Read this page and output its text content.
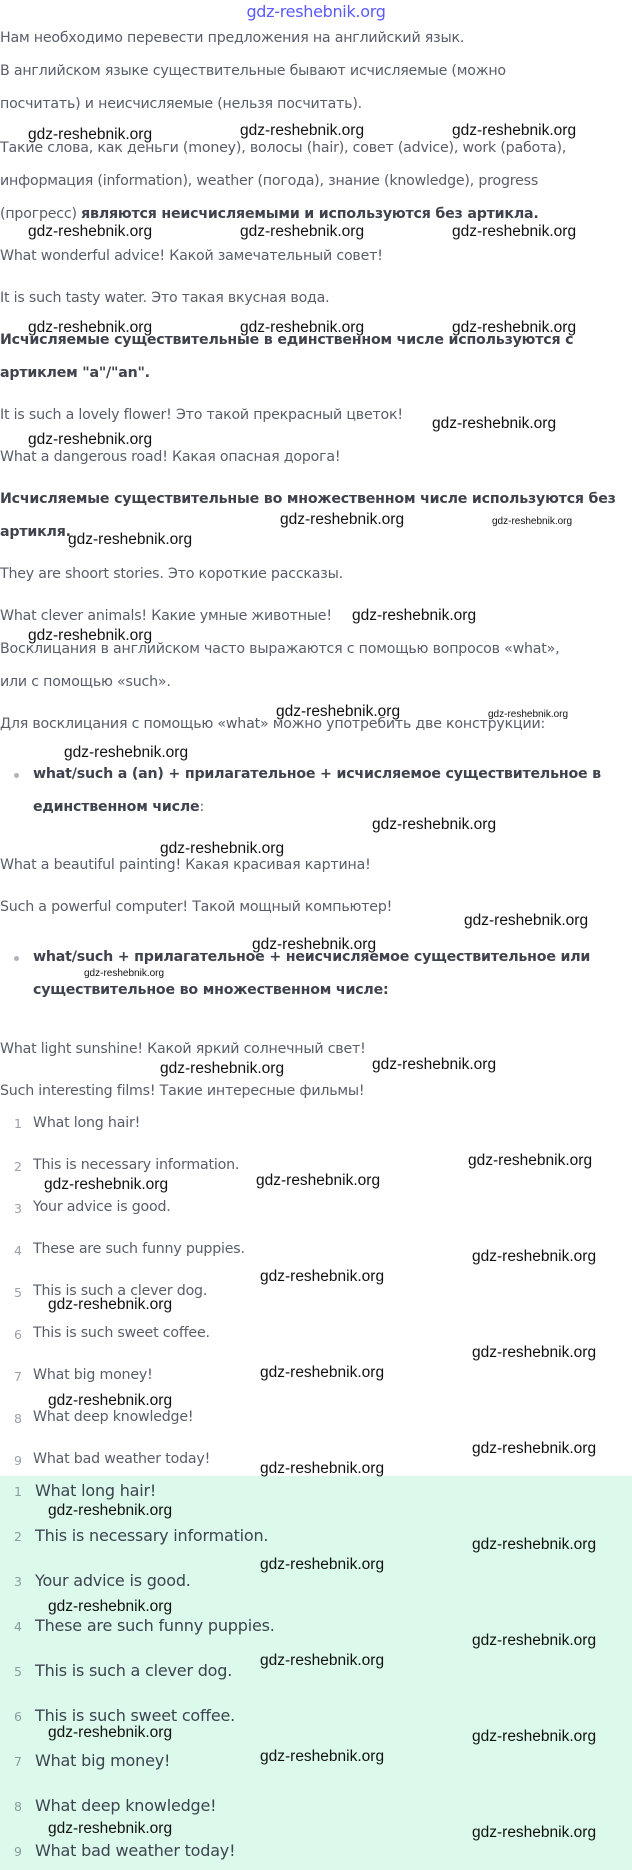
gdz-reshebnik.org
Нам необходимо перевести предложения на английский язык.
В английском языке существительные бывают исчисляемые (можно
посчитать) и неисчисляемые (нельзя посчитать).
Такие слова, как деньги (money), волосы (hair), совет (advice), work (работа),
информация (information), weather (погода), знание (knowledge), progress
(прогресс) являются неисчисляемыми и используются без артикла.
What wonderful advice! Какой замечательный совет!
It is such tasty water. Это такая вкусная вода.
Исчисляемые существительные в единственном числе используются с
артиклем "a"/"an".
It is such a lovely flower! Это такой прекрасный цветок!
What a dangerous road! Какая опасная дорога!
Исчисляемые существительные во множественном числе используются без
артикля.
They are shoort stories. Это короткие рассказы.
What clever animals! Какие умные животные!
Восклицания в английском часто выражаются с помощью вопросов «what»,
или с помощью «such».
Для восклицания с помощью «what» можно употребить две конструкции:
what/such a (an) + прилагательное + исчисляемое существительное в
единственном числе:
What a beautiful painting! Какая красивая картина!
Such a powerful computer! Такой мощный компьютер!
what/such + прилагательное + неисчисляемое существительное или
существительное во множественном числе:
What light sunshine! Какой яркий солнечный свет!
Such interesting films! Такие интересные фильмы!
1 What long hair!
2 This is necessary information.
3 Your advice is good.
4 These are such funny puppies.
5 This is such a clever dog.
6 This is such sweet coffee.
7 What big money!
8 What deep knowledge!
9 What bad weather today!
1 What long hair!
2 This is necessary information.
3 Your advice is good.
4 These are such funny puppies.
5 This is such a clever dog.
6 This is such sweet coffee.
7 What big money!
8 What deep knowledge!
9 What bad weather today!
gdz-reshebnik.org	gdz-reshebnik.org	gdz-reshebnik.org
gdz-reshebnik.org	gdz-reshebnik.org	gdz-reshebnik.org
gdz-reshebnik.org	gdz-reshebnik.org	gdz-reshebnik.org
gdz-reshebnik.org
gdz-reshebnik.org
gdz-reshebnik.org	gdz-reshebnik.org
gdz-reshebnik.org
gdz-reshebnik.org
gdz-reshebnik.org
gdz-reshebnik.org	gdz-reshebnik.org
gdz-reshebnik.org
gdz-reshebnik.org
gdz-reshebnik.org
gdz-reshebnik.org
gdz-reshebnik.org
gdz-reshebnik.org
gdz-reshebnik.org
gdz-reshebnik.org
gdz-reshebnik.org
gdz-reshebnik.org
gdz-reshebnik.org
gdz-reshebnik.org
gdz-reshebnik.org
gdz-reshebnik.org
gdz-reshebnik.org
gdz-reshebnik.org
gdz-reshebnik.org
gdz-reshebnik.org
gdz-reshebnik.org
gdz-reshebnik.org
gdz-reshebnik.org
gdz-reshebnik.org
gdz-reshebnik.org
gdz-reshebnik.org
gdz-reshebnik.org
gdz-reshebnik.org	gdz-reshebnik.org
gdz-reshebnik.org
gdz-reshebnik.org	gdz-reshebnik.org
